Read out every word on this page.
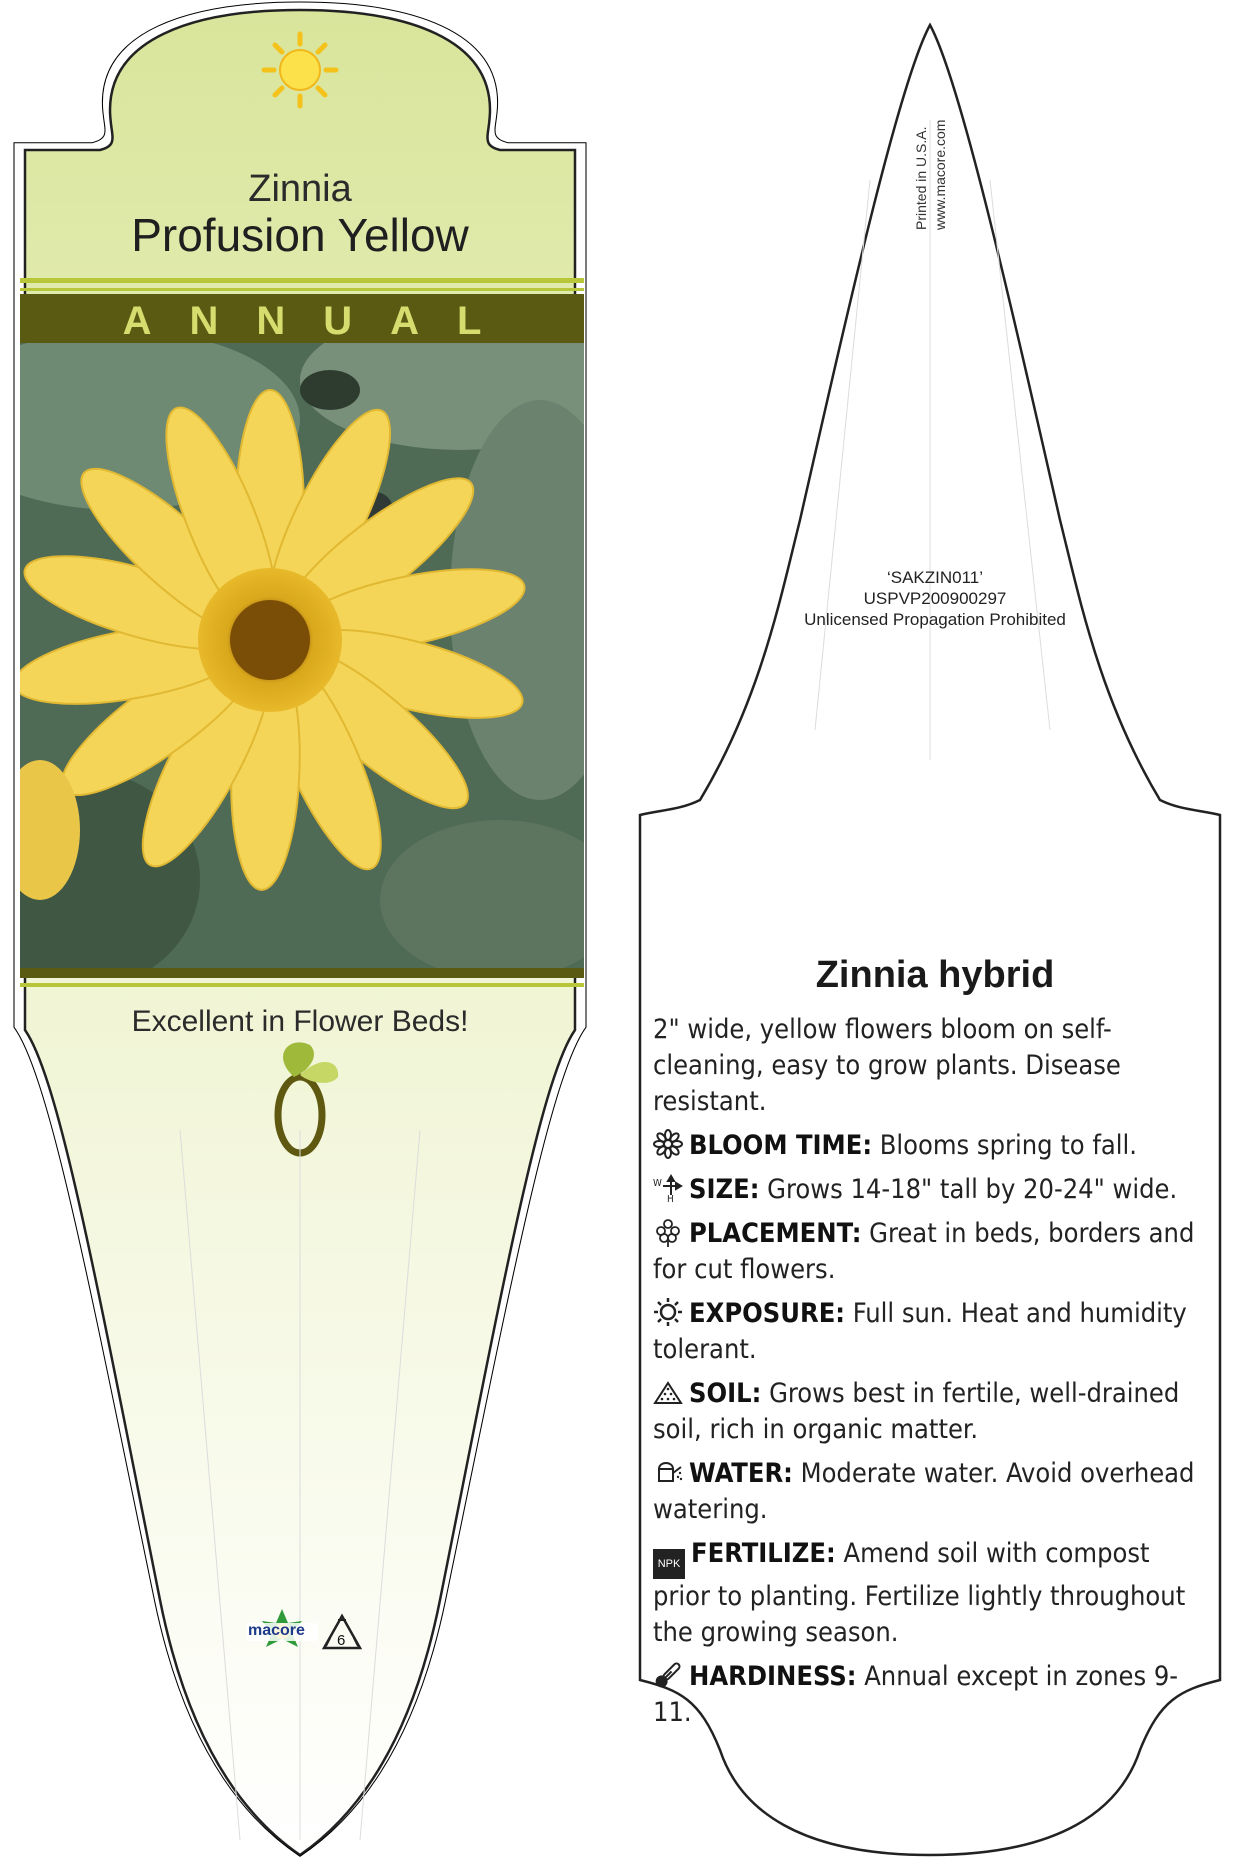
Zinnia
Profusion Yellow
ANNUAL
Excellent in Flower Beds!
macore
6
Printed in U.S.A. www.macore.com
‘SAKZIN011’
USPVP200900297
Unlicensed Propagation Prohibited
Zinnia hybrid

2" wide, yellow flowers bloom on self-cleaning, easy to grow plants. Disease resistant.

BLOOM TIME: Blooms spring to fall.

W
H SIZE: Grows 14-18" tall by 20-24" wide.

PLACEMENT: Great in beds, borders and for cut flowers.

EXPOSURE: Full sun. Heat and humidity tolerant.

SOIL: Grows best in fertile, well-drained soil, rich in organic matter.

WATER: Moderate water. Avoid overhead watering.

NPK FERTILIZE: Amend soil with compost prior to planting. Fertilize lightly throughout the growing season.

HARDINESS: Annual except in zones 9-11.
